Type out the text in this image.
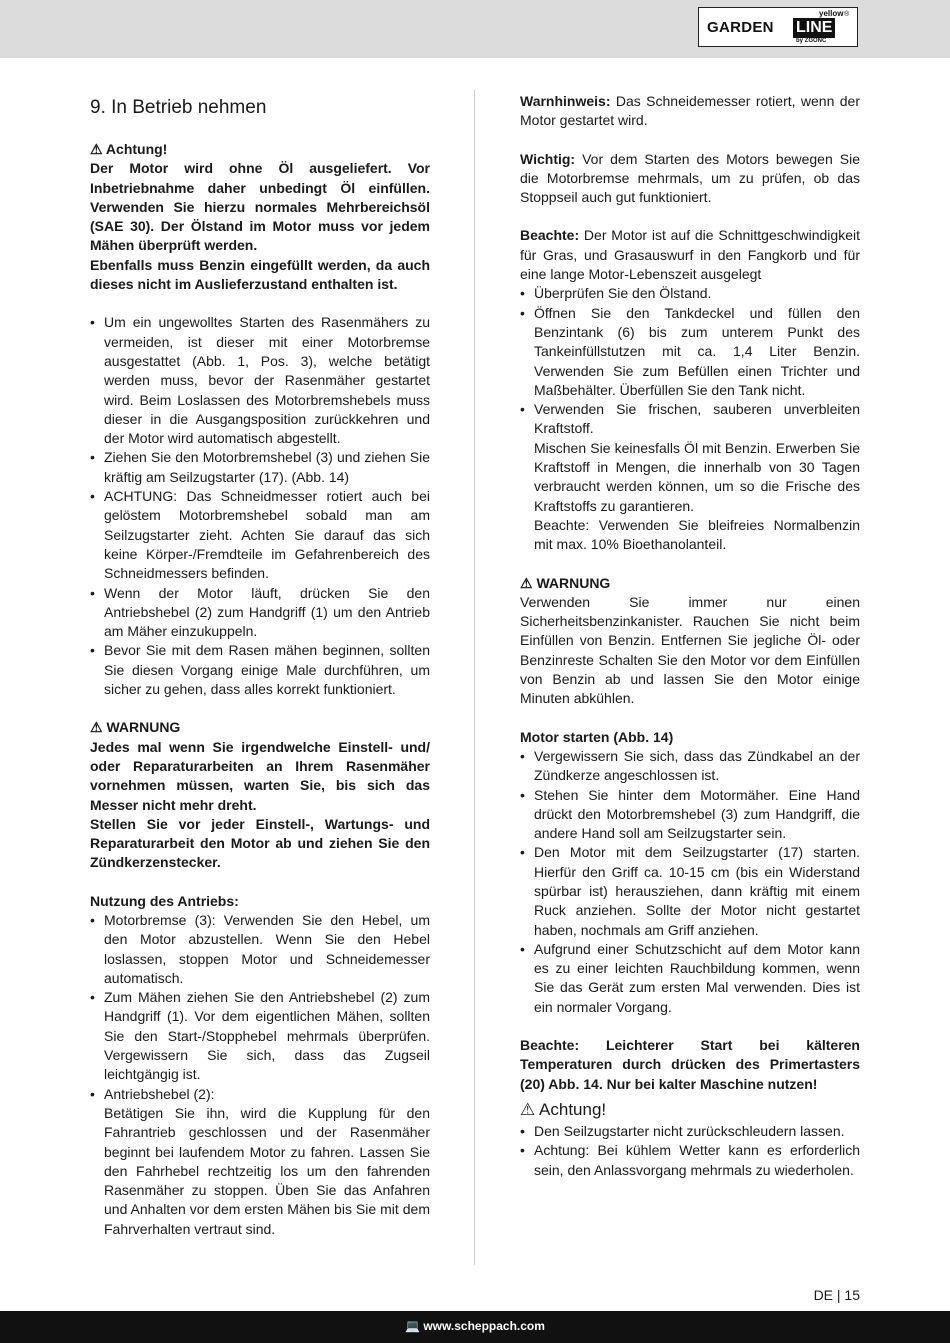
GARDEN LINE
yellow
by ZGONC
®
9. In Betrieb nehmen

⚠ Achtung!

Der Motor wird ohne Öl ausgeliefert. Vor Inbetriebnahme daher unbedingt Öl einfüllen. Verwenden Sie hierzu normales Mehrbereichsöl (SAE 30). Der Ölstand im Motor muss vor jedem Mähen überprüft werden.

Ebenfalls muss Benzin eingefüllt werden, da auch dieses nicht im Auslieferzustand enthalten ist.

• Um ein ungewolltes Starten des Rasenmähers zu vermeiden, ist dieser mit einer Motorbremse ausgestattet (Abb. 1, Pos. 3), welche betätigt werden muss, bevor der Rasenmäher gestartet wird. Beim Loslassen des Motorbremshebels muss dieser in die Ausgangsposition zurückkehren und der Motor wird automatisch abgestellt.
• Ziehen Sie den Motorbremshebel (3) und ziehen Sie kräftig am Seilzugstarter (17). (Abb. 14)
• ACHTUNG: Das Schneidmesser rotiert auch bei gelöstem Motorbremshebel sobald man am Seilzugstarter zieht. Achten Sie darauf das sich keine Körper-/Fremdteile im Gefahrenbereich des Schneidmessers befinden.
• Wenn der Motor läuft, drücken Sie den Antriebshebel (2) zum Handgriff (1) um den Antrieb am Mäher einzukuppeln.
• Bevor Sie mit dem Rasen mähen beginnen, sollten Sie diesen Vorgang einige Male durchführen, um sicher zu gehen, dass alles korrekt funktioniert.

⚠ WARNUNG

Jedes mal wenn Sie irgendwelche Einstell- und/ oder Reparaturarbeiten an Ihrem Rasenmäher vornehmen müssen, warten Sie, bis sich das Messer nicht mehr dreht.

Stellen Sie vor jeder Einstell-, Wartungs- und Reparaturarbeit den Motor ab und ziehen Sie den Zündkerzenstecker.

Nutzung des Antriebs:

• Motorbremse (3): Verwenden Sie den Hebel, um den Motor abzustellen. Wenn Sie den Hebel loslassen, stoppen Motor und Schneidemesser automatisch.
• Zum Mähen ziehen Sie den Antriebshebel (2) zum Handgriff (1). Vor dem eigentlichen Mähen, sollten Sie den Start-/Stopphebel mehrmals überprüfen. Vergewissern Sie sich, dass das Zugseil leichtgängig ist.
• Antriebshebel (2):

Betätigen Sie ihn, wird die Kupplung für den Fahrantrieb geschlossen und der Rasenmäher beginnt bei laufendem Motor zu fahren. Lassen Sie den Fahrhebel rechtzeitig los um den fahrenden Rasenmäher zu stoppen. Üben Sie das Anfahren und Anhalten vor dem ersten Mähen bis Sie mit dem Fahrverhalten vertraut sind.

Warnhinweis: Das Schneidemesser rotiert, wenn der Motor gestartet wird.

Wichtig: Vor dem Starten des Motors bewegen Sie die Motorbremse mehrmals, um zu prüfen, ob das Stoppseil auch gut funktioniert.

Beachte: Der Motor ist auf die Schnittgeschwindigkeit für Gras, und Grasauswurf in den Fangkorb und für eine lange Motor-Lebenszeit ausgelegt

• Überprüfen Sie den Ölstand.
• Öffnen Sie den Tankdeckel und füllen den Benzintank (6) bis zum unterem Punkt des Tankeinfüllstutzen mit ca. 1,4 Liter Benzin. Verwenden Sie zum Befüllen einen Trichter und Maßbehälter. Überfüllen Sie den Tank nicht.
• Verwenden Sie frischen, sauberen unverbleiten Kraftstoff.

Mischen Sie keinesfalls Öl mit Benzin. Erwerben Sie Kraftstoff in Mengen, die innerhalb von 30 Tagen verbraucht werden können, um so die Frische des Kraftstoffs zu garantieren.

Beachte: Verwenden Sie bleifreies Normalbenzin mit max. 10% Bioethanolanteil.

⚠ WARNUNG

Verwenden Sie immer nur einen Sicherheitsbenzinkanister. Rauchen Sie nicht beim Einfüllen von Benzin. Entfernen Sie jegliche Öl- oder Benzinreste Schalten Sie den Motor vor dem Einfüllen von Benzin ab und lassen Sie den Motor einige Minuten abkühlen.

Motor starten (Abb. 14)

• Vergewissern Sie sich, dass das Zündkabel an der Zündkerze angeschlossen ist.
• Stehen Sie hinter dem Motormäher. Eine Hand drückt den Motorbremshebel (3) zum Handgriff, die andere Hand soll am Seilzugstarter sein.
• Den Motor mit dem Seilzugstarter (17) starten. Hierfür den Griff ca. 10-15 cm (bis ein Widerstand spürbar ist) herausziehen, dann kräftig mit einem Ruck anziehen. Sollte der Motor nicht gestartet haben, nochmals am Griff anziehen.
• Aufgrund einer Schutzschicht auf dem Motor kann es zu einer leichten Rauchbildung kommen, wenn Sie das Gerät zum ersten Mal verwenden. Dies ist ein normaler Vorgang.

Beachte: Leichterer Start bei kälteren Temperaturen durch drücken des Primertasters (20) Abb. 14. Nur bei kalter Maschine nutzen!

⚠ Achtung!

• Den Seilzugstarter nicht zurückschleudern lassen.
• Achtung: Bei kühlem Wetter kann es erforderlich sein, den Anlassvorgang mehrmals zu wiederholen.
DE | 15
💻 www.scheppach.com
